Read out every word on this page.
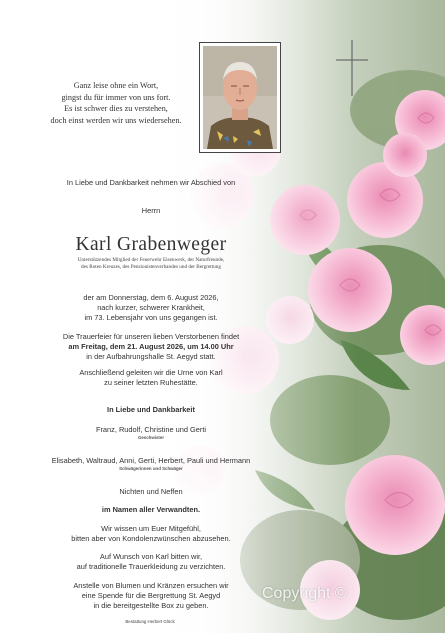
Ganz leise ohne ein Wort,
gingst du für immer von uns fort.
Es ist schwer dies zu verstehen,
doch einst werden wir uns wiedersehen.
In Liebe und Dankbarkeit nehmen wir Abschied von
Herrn
Karl Grabenweger
Unterstützendes Mitglied der Feuerwehr Eisenwerk, der Naturfreunde,
des Roten Kreuzes, des Pensionistenverbandes und der Bergrettung
der am Donnerstag, dem 6. August 2026,
nach kurzer, schwerer Krankheit,
im 73. Lebensjahr von uns gegangen ist.
Die Trauerfeier für unseren lieben Verstorbenen findet
am Freitag, dem 21. August 2026, um 14.00 Uhr
in der Aufbahrungshalle St. Aegyd statt.
Anschließend geleiten wir die Urne von Karl
zu seiner letzten Ruhestätte.
In Liebe und Dankbarkeit
Franz, Rudolf, Christine und Gerti
Geschwister
Elisabeth, Waltraud, Anni, Gerti, Herbert, Pauli und Hermann
Schwägerinnen und Schwäger
Nichten und Neffen
im Namen aller Verwandten.
Wir wissen um Euer Mitgefühl,
bitten aber von Kondolenzwünschen abzusehen.
Auf Wunsch von Karl bitten wir,
auf traditionelle Trauerkleidung zu verzichten.
Anstelle von Blumen und Kränzen ersuchen wir
eine Spende für die Bergrettung St. Aegyd
in die bereitgestellte Box zu geben.
Bestattung Herbert Glöck
Copyright ©
